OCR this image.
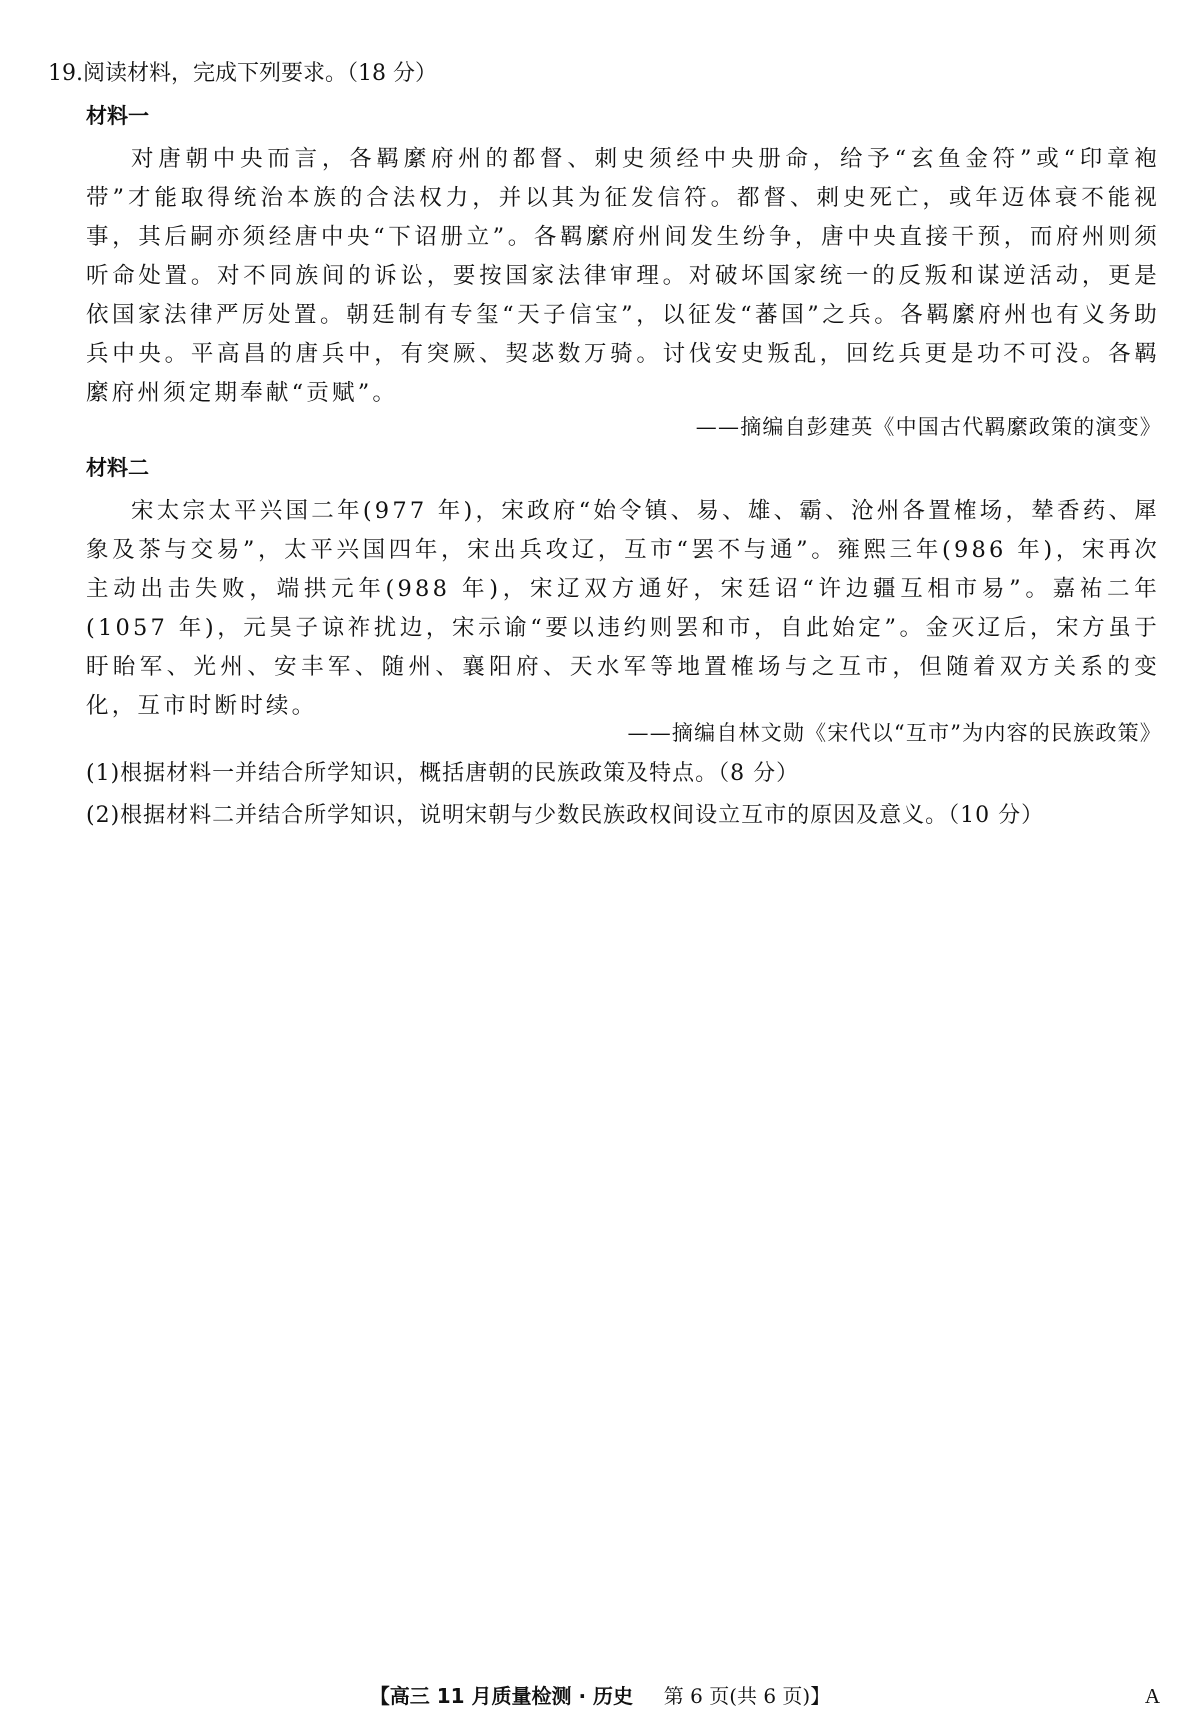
19.阅读材料，完成下列要求。（18 分）
材料一

对唐朝中央而言，各羁縻府州的都督、刺史须经中央册命，给予“玄鱼金符”或“印章袍带”才能取得统治本族的合法权力，并以其为征发信符。都督、刺史死亡，或年迈体衰不能视事，其后嗣亦须经唐中央“下诏册立”。各羁縻府州间发生纷争，唐中央直接干预，而府州则须听命处置。对不同族间的诉讼，要按国家法律审理。对破坏国家统一的反叛和谋逆活动，更是依国家法律严厉处置。朝廷制有专玺“天子信宝”，以征发“蕃国”之兵。各羁縻府州也有义务助兵中央。平高昌的唐兵中，有突厥、契苾数万骑。讨伐安史叛乱，回纥兵更是功不可没。各羁縻府州须定期奉献“贡赋”。

——摘编自彭建英《中国古代羁縻政策的演变》
材料二

宋太宗太平兴国二年(977 年)，宋政府“始令镇、易、雄、霸、沧州各置榷场，辇香药、犀象及茶与交易”，太平兴国四年，宋出兵攻辽，互市“罢不与通”。雍熙三年(986 年)，宋再次主动出击失败，端拱元年(988 年)，宋辽双方通好，宋廷诏“许边疆互相市易”。嘉祐二年(1057 年)，元昊子谅祚扰边，宋示谕“要以违约则罢和市，自此始定”。金灭辽后，宋方虽于盱眙军、光州、安丰军、随州、襄阳府、天水军等地置榷场与之互市，但随着双方关系的变化，互市时断时续。

——摘编自林文勋《宋代以“互市”为内容的民族政策》
(1)根据材料一并结合所学知识，概括唐朝的民族政策及特点。（8 分）
(2)根据材料二并结合所学知识，说明宋朝与少数民族政权间设立互市的原因及意义。（10 分）
【高三 11 月质量检测 · 历史 第 6 页(共 6 页)】	A
